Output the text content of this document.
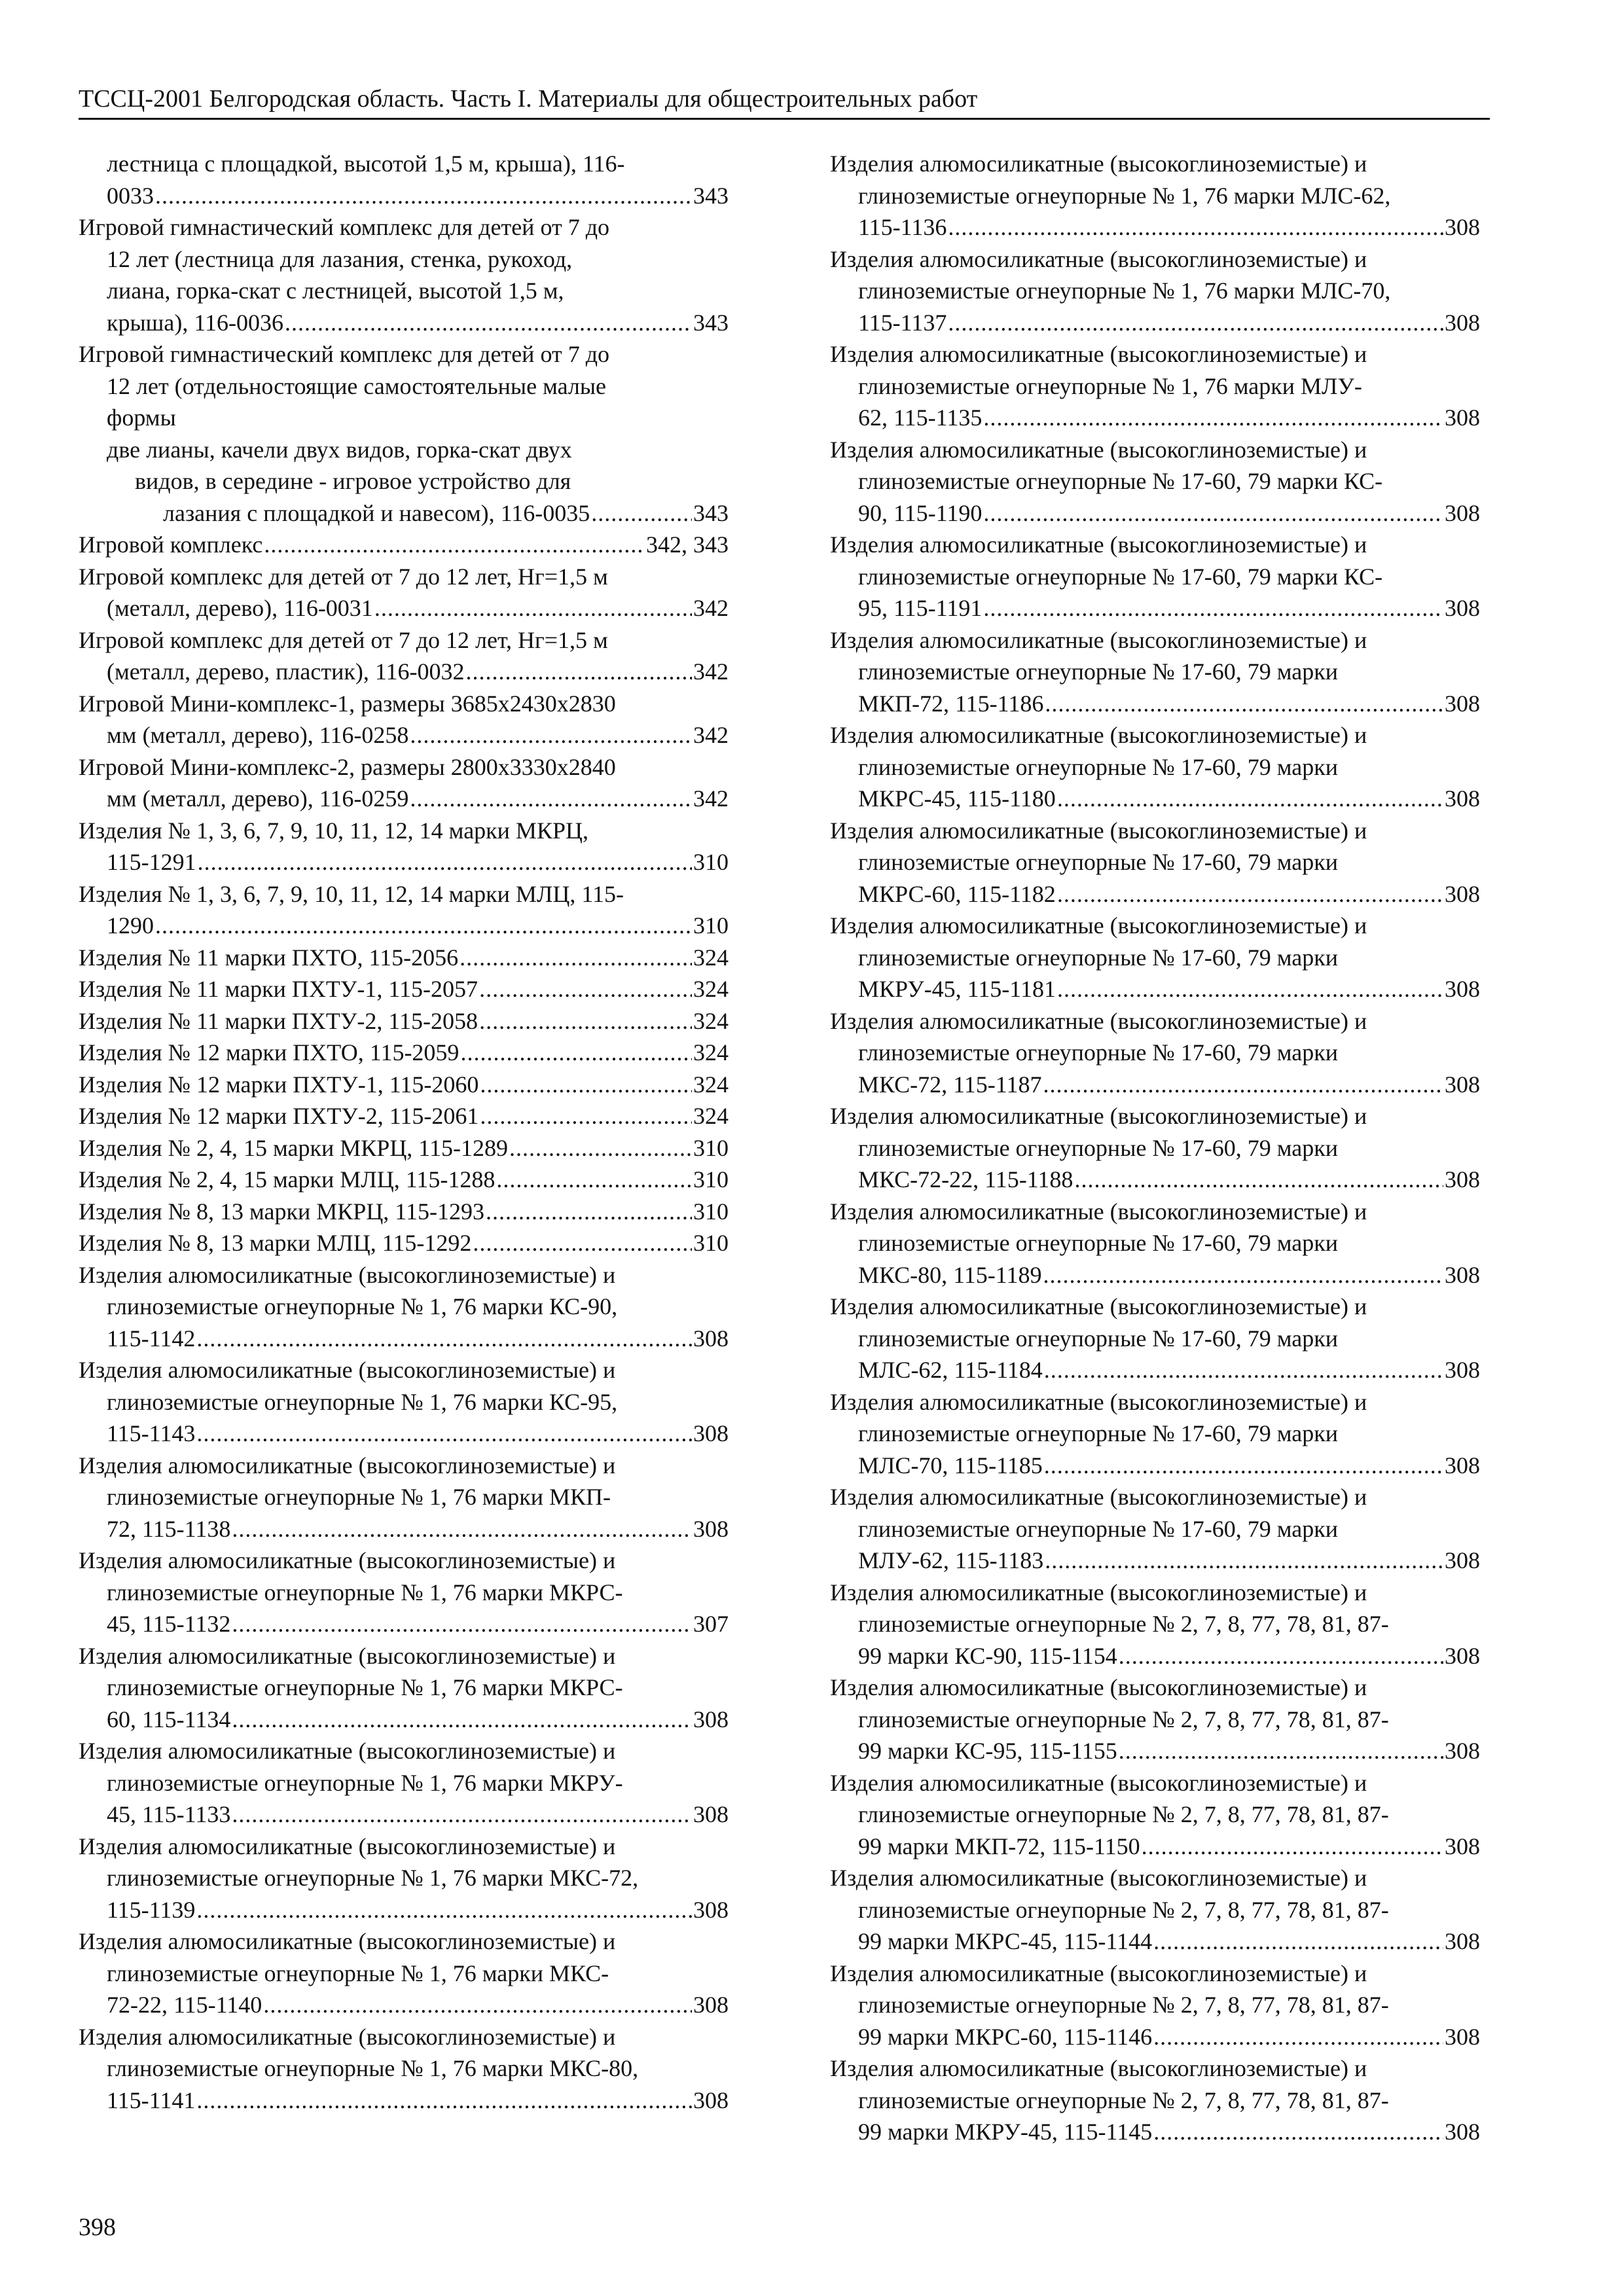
ТССЦ-2001 Белгородская область. Часть I. Материалы для общестроительных работ
лестница с площадкой, высотой 1,5 м, крыша), 116-
0033 .....	343
Игровой гимнастический комплекс для детей от 7 до
12 лет (лестница для лазания, стенка, рукоход,
лиана, горка-скат с лестницей, высотой 1,5 м,
крыша), 116-0036 .....	343
Игровой гимнастический комплекс для детей от 7 до
12 лет (отдельностоящие самостоятельные малые
формы
две лианы, качели двух видов, горка-скат двух
видов, в середине - игровое устройство для
лазания с площадкой и навесом), 116-0035 .....	343
Игровой комплекс .....	342, 343
Игровой комплекс для детей от 7 до 12 лет, Нг=1,5 м
(металл, дерево), 116-0031 .....	342
Игровой комплекс для детей от 7 до 12 лет, Нг=1,5 м
(металл, дерево, пластик), 116-0032 .....	342
Игровой Мини-комплекс-1, размеры 3685х2430х2830
мм (металл, дерево), 116-0258 .....	342
Игровой Мини-комплекс-2, размеры 2800х3330х2840
мм (металл, дерево), 116-0259 .....	342
Изделия № 1, 3, 6, 7, 9, 10, 11, 12, 14 марки МКРЦ,
115-1291 .....	310
Изделия № 1, 3, 6, 7, 9, 10, 11, 12, 14 марки МЛЦ, 115-
1290 .....	310
Изделия № 11 марки ПХТО, 115-2056 .....	324
Изделия № 11 марки ПХТУ-1, 115-2057 .....	324
Изделия № 11 марки ПХТУ-2, 115-2058 .....	324
Изделия № 12 марки ПХТО, 115-2059 .....	324
Изделия № 12 марки ПХТУ-1, 115-2060 .....	324
Изделия № 12 марки ПХТУ-2, 115-2061 .....	324
Изделия № 2, 4, 15 марки МКРЦ, 115-1289 .....	310
Изделия № 2, 4, 15 марки МЛЦ, 115-1288 .....	310
Изделия № 8, 13 марки МКРЦ, 115-1293 .....	310
Изделия № 8, 13 марки МЛЦ, 115-1292 .....	310
Изделия алюмосиликатные (высокоглиноземистые) и
глиноземистые огнеупорные № 1, 76 марки КС-90,
115-1142 .....	308
Изделия алюмосиликатные (высокоглиноземистые) и
глиноземистые огнеупорные № 1, 76 марки КС-95,
115-1143 .....	308
Изделия алюмосиликатные (высокоглиноземистые) и
глиноземистые огнеупорные № 1, 76 марки МКП-
72, 115-1138 .....	308
Изделия алюмосиликатные (высокоглиноземистые) и
глиноземистые огнеупорные № 1, 76 марки МКРС-
45, 115-1132 .....	307
Изделия алюмосиликатные (высокоглиноземистые) и
глиноземистые огнеупорные № 1, 76 марки МКРС-
60, 115-1134 .....	308
Изделия алюмосиликатные (высокоглиноземистые) и
глиноземистые огнеупорные № 1, 76 марки МКРУ-
45, 115-1133 .....	308
Изделия алюмосиликатные (высокоглиноземистые) и
глиноземистые огнеупорные № 1, 76 марки МКС-72,
115-1139 .....	308
Изделия алюмосиликатные (высокоглиноземистые) и
глиноземистые огнеупорные № 1, 76 марки МКС-
72-22, 115-1140 .....	308
Изделия алюмосиликатные (высокоглиноземистые) и
глиноземистые огнеупорные № 1, 76 марки МКС-80,
115-1141 .....	308
Изделия алюмосиликатные (высокоглиноземистые) и
глиноземистые огнеупорные № 1, 76 марки МЛС-62,
115-1136 .....	308
Изделия алюмосиликатные (высокоглиноземистые) и
глиноземистые огнеупорные № 1, 76 марки МЛС-70,
115-1137 .....	308
Изделия алюмосиликатные (высокоглиноземистые) и
глиноземистые огнеупорные № 1, 76 марки МЛУ-
62, 115-1135 .....	308
Изделия алюмосиликатные (высокоглиноземистые) и
глиноземистые огнеупорные № 17-60, 79 марки КС-
90, 115-1190 .....	308
Изделия алюмосиликатные (высокоглиноземистые) и
глиноземистые огнеупорные № 17-60, 79 марки КС-
95, 115-1191 .....	308
Изделия алюмосиликатные (высокоглиноземистые) и
глиноземистые огнеупорные № 17-60, 79 марки
МКП-72, 115-1186 .....	308
Изделия алюмосиликатные (высокоглиноземистые) и
глиноземистые огнеупорные № 17-60, 79 марки
МКРС-45, 115-1180 .....	308
Изделия алюмосиликатные (высокоглиноземистые) и
глиноземистые огнеупорные № 17-60, 79 марки
МКРС-60, 115-1182 .....	308
Изделия алюмосиликатные (высокоглиноземистые) и
глиноземистые огнеупорные № 17-60, 79 марки
МКРУ-45, 115-1181 .....	308
Изделия алюмосиликатные (высокоглиноземистые) и
глиноземистые огнеупорные № 17-60, 79 марки
МКС-72, 115-1187 .....	308
Изделия алюмосиликатные (высокоглиноземистые) и
глиноземистые огнеупорные № 17-60, 79 марки
МКС-72-22, 115-1188 .....	308
Изделия алюмосиликатные (высокоглиноземистые) и
глиноземистые огнеупорные № 17-60, 79 марки
МКС-80, 115-1189 .....	308
Изделия алюмосиликатные (высокоглиноземистые) и
глиноземистые огнеупорные № 17-60, 79 марки
МЛС-62, 115-1184 .....	308
Изделия алюмосиликатные (высокоглиноземистые) и
глиноземистые огнеупорные № 17-60, 79 марки
МЛС-70, 115-1185 .....	308
Изделия алюмосиликатные (высокоглиноземистые) и
глиноземистые огнеупорные № 17-60, 79 марки
МЛУ-62, 115-1183 .....	308
Изделия алюмосиликатные (высокоглиноземистые) и
глиноземистые огнеупорные № 2, 7, 8, 77, 78, 81, 87-
99 марки КС-90, 115-1154 .....	308
Изделия алюмосиликатные (высокоглиноземистые) и
глиноземистые огнеупорные № 2, 7, 8, 77, 78, 81, 87-
99 марки КС-95, 115-1155 .....	308
Изделия алюмосиликатные (высокоглиноземистые) и
глиноземистые огнеупорные № 2, 7, 8, 77, 78, 81, 87-
99 марки МКП-72, 115-1150 .....	308
Изделия алюмосиликатные (высокоглиноземистые) и
глиноземистые огнеупорные № 2, 7, 8, 77, 78, 81, 87-
99 марки МКРС-45, 115-1144 .....	308
Изделия алюмосиликатные (высокоглиноземистые) и
глиноземистые огнеупорные № 2, 7, 8, 77, 78, 81, 87-
99 марки МКРС-60, 115-1146 .....	308
Изделия алюмосиликатные (высокоглиноземистые) и
глиноземистые огнеупорные № 2, 7, 8, 77, 78, 81, 87-
99 марки МКРУ-45, 115-1145 .....	308
398
